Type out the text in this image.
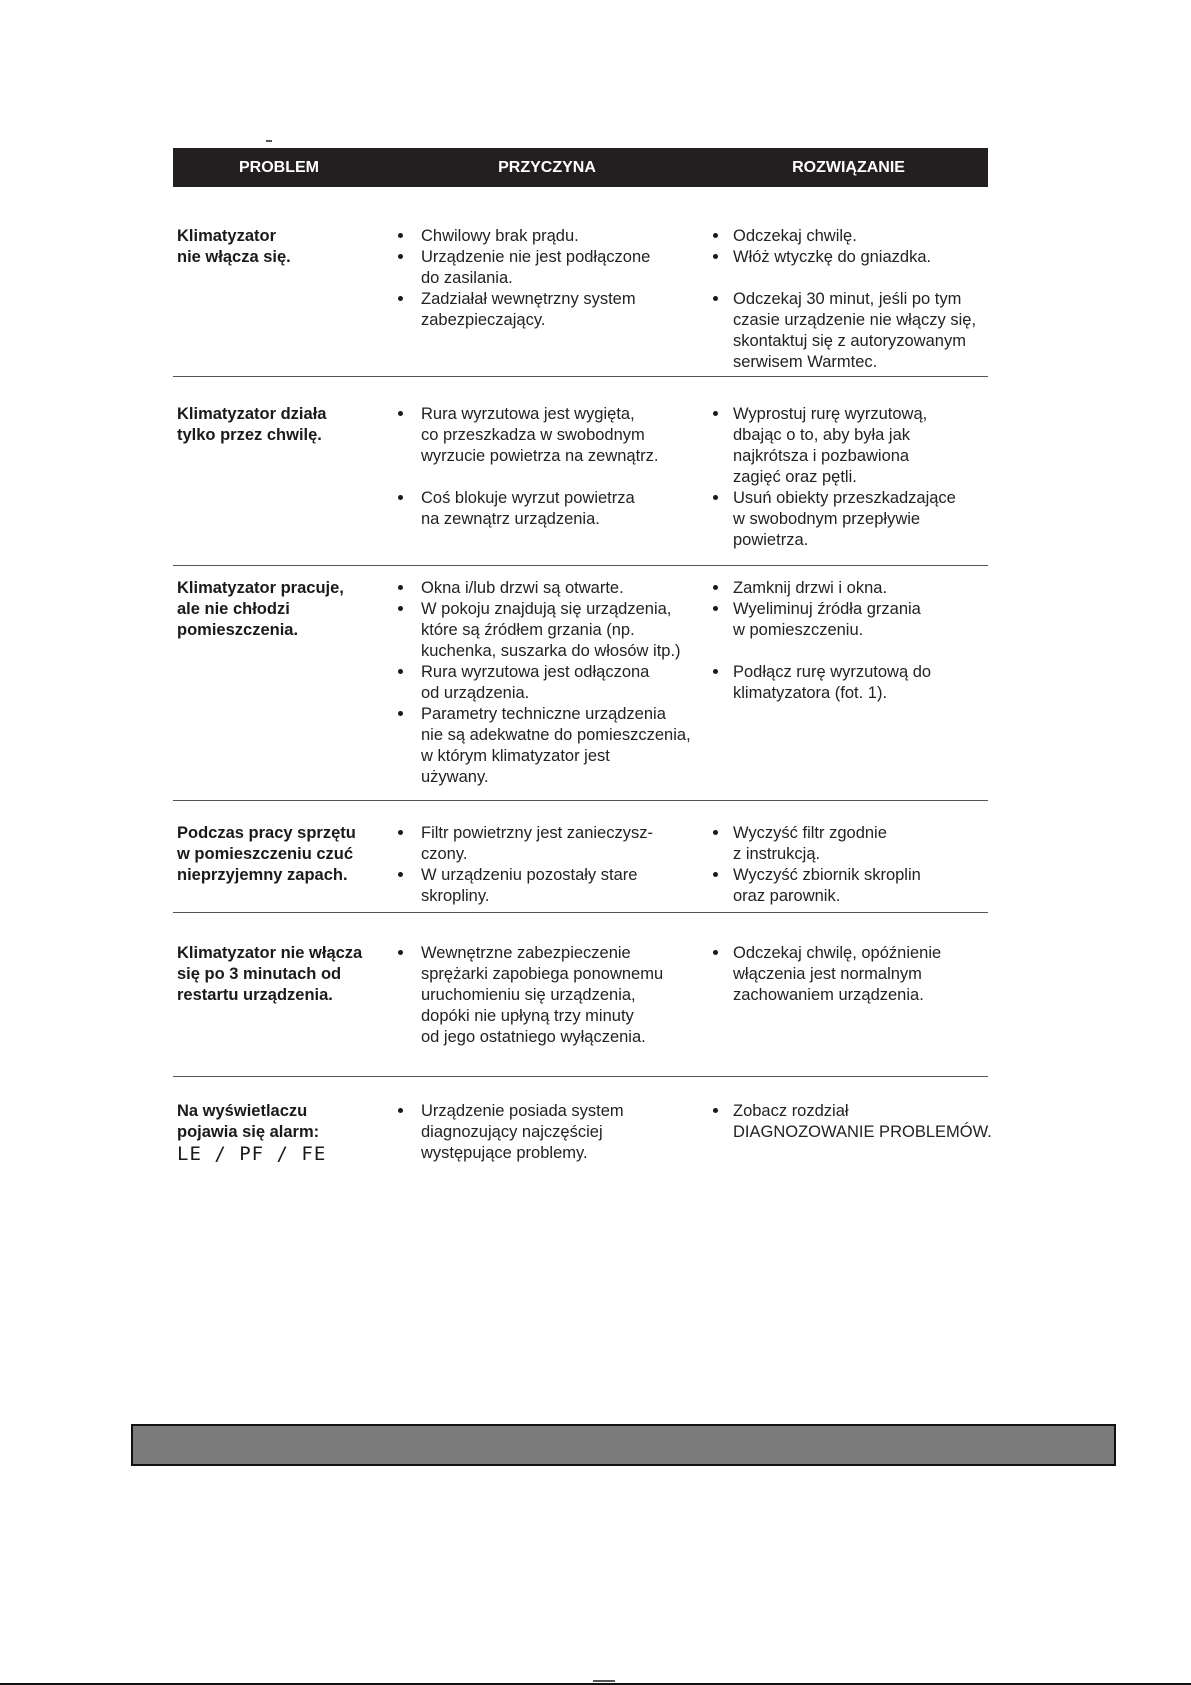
PROBLEM	PRZYCZYNA	ROZWIĄZANIE
Klimatyzator
nie włącza się.
Chwilowy brak prądu.
Urządzenie nie jest podłączone
do zasilania.
Zadziałał wewnętrzny system
zabezpieczający.
Odczekaj chwilę.
Włóż wtyczkę do gniazdka.
Odczekaj 30 minut, jeśli po tym
czasie urządzenie nie włączy się,
skontaktuj się z autoryzowanym
serwisem Warmtec.
Klimatyzator działa
tylko przez chwilę.
Rura wyrzutowa jest wygięta,
co przeszkadza w swobodnym
wyrzucie powietrza na zewnątrz.
Coś blokuje wyrzut powietrza
na zewnątrz urządzenia.
Wyprostuj rurę wyrzutową,
dbając o to, aby była jak
najkrótsza i pozbawiona
zagięć oraz pętli.
Usuń obiekty przeszkadzające
w swobodnym przepływie
powietrza.
Klimatyzator pracuje,
ale nie chłodzi
pomieszczenia.
Okna i/lub drzwi są otwarte.
W pokoju znajdują się urządzenia,
które są źródłem grzania (np.
kuchenka, suszarka do włosów itp.)
Rura wyrzutowa jest odłączona
od urządzenia.
Parametry techniczne urządzenia
nie są adekwatne do pomieszczenia,
w którym klimatyzator jest
używany.
Zamknij drzwi i okna.
Wyeliminuj źródła grzania
w pomieszczeniu.
Podłącz rurę wyrzutową do
klimatyzatora (fot. 1).
Podczas pracy sprzętu
w pomieszczeniu czuć
nieprzyjemny zapach.
Filtr powietrzny jest zanieczysz-
czony.
W urządzeniu pozostały stare
skropliny.
Wyczyść filtr zgodnie
z instrukcją.
Wyczyść zbiornik skroplin
oraz parownik.
Klimatyzator nie włącza
się po 3 minutach od
restartu urządzenia.
Wewnętrzne zabezpieczenie
sprężarki zapobiega ponownemu
uruchomieniu się urządzenia,
dopóki nie upłyną trzy minuty
od jego ostatniego wyłączenia.
Odczekaj chwilę, opóźnienie
włączenia jest normalnym
zachowaniem urządzenia.
Na wyświetlaczu
pojawia się alarm:
LE / PF / FE
Urządzenie posiada system
diagnozujący najczęściej
występujące problemy.
Zobacz rozdział
DIAGNOZOWANIE PROBLEMÓW.
